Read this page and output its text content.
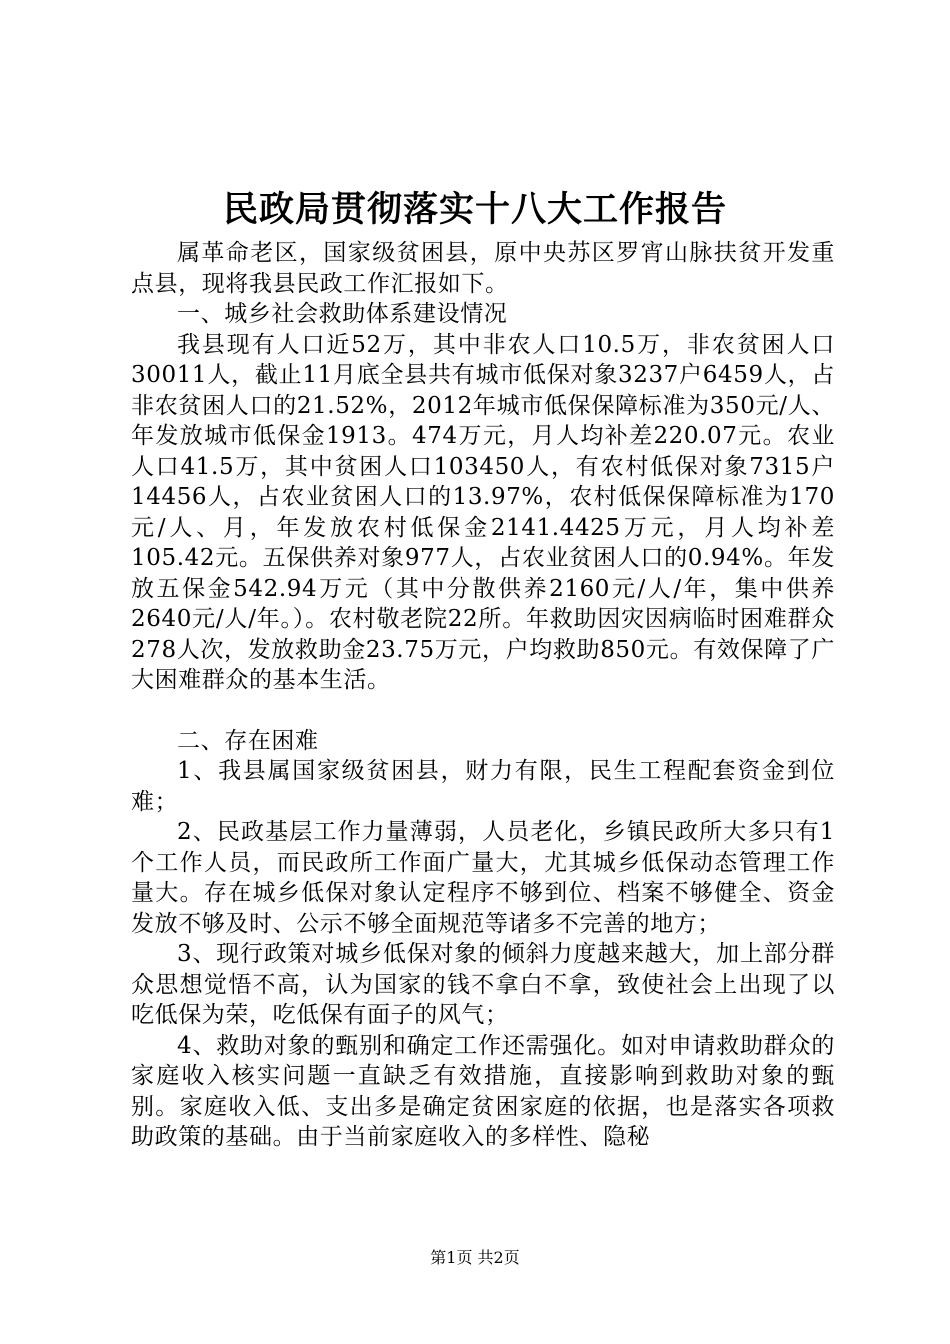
民政局贯彻落实十八大工作报告

属革命老区，国家级贫困县，原中央苏区罗宵山脉扶贫开发重点县，现将我县民政工作汇报如下。

一、城乡社会救助体系建设情况

我县现有人口近52万，其中非农人口10.5万，非农贫困人口30011人，截止11月底全县共有城市低保对象3237户6459人，占非农贫困人口的21.52%，2012年城市低保保障标准为350元/人、年发放城市低保金1913。474万元，月人均补差220.07元。农业人口41.5万，其中贫困人口103450人，有农村低保对象7315户14456人，占农业贫困人口的13.97%，农村低保保障标准为170元/人、月，年发放农村低保金2141.4425万元，月人均补差105.42元。五保供养对象977人，占农业贫困人口的0.94%。年发放五保金542.94万元（其中分散供养2160元/人/年，集中供养2640元/人/年。）。农村敬老院22所。年救助因灾因病临时困难群众278人次，发放救助金23.75万元，户均救助850元。有效保障了广大困难群众的基本生活。

二、存在困难

1、我县属国家级贫困县，财力有限，民生工程配套资金到位难；

2、民政基层工作力量薄弱，人员老化，乡镇民政所大多只有1个工作人员，而民政所工作面广量大，尤其城乡低保动态管理工作量大。存在城乡低保对象认定程序不够到位、档案不够健全、资金发放不够及时、公示不够全面规范等诸多不完善的地方；

3、现行政策对城乡低保对象的倾斜力度越来越大，加上部分群众思想觉悟不高，认为国家的钱不拿白不拿，致使社会上出现了以吃低保为荣，吃低保有面子的风气；

4、救助对象的甄别和确定工作还需强化。如对申请救助群众的家庭收入核实问题一直缺乏有效措施，直接影响到救助对象的甄别。家庭收入低、支出多是确定贫困家庭的依据，也是落实各项救助政策的基础。由于当前家庭收入的多样性、隐秘

第1页 共2页
